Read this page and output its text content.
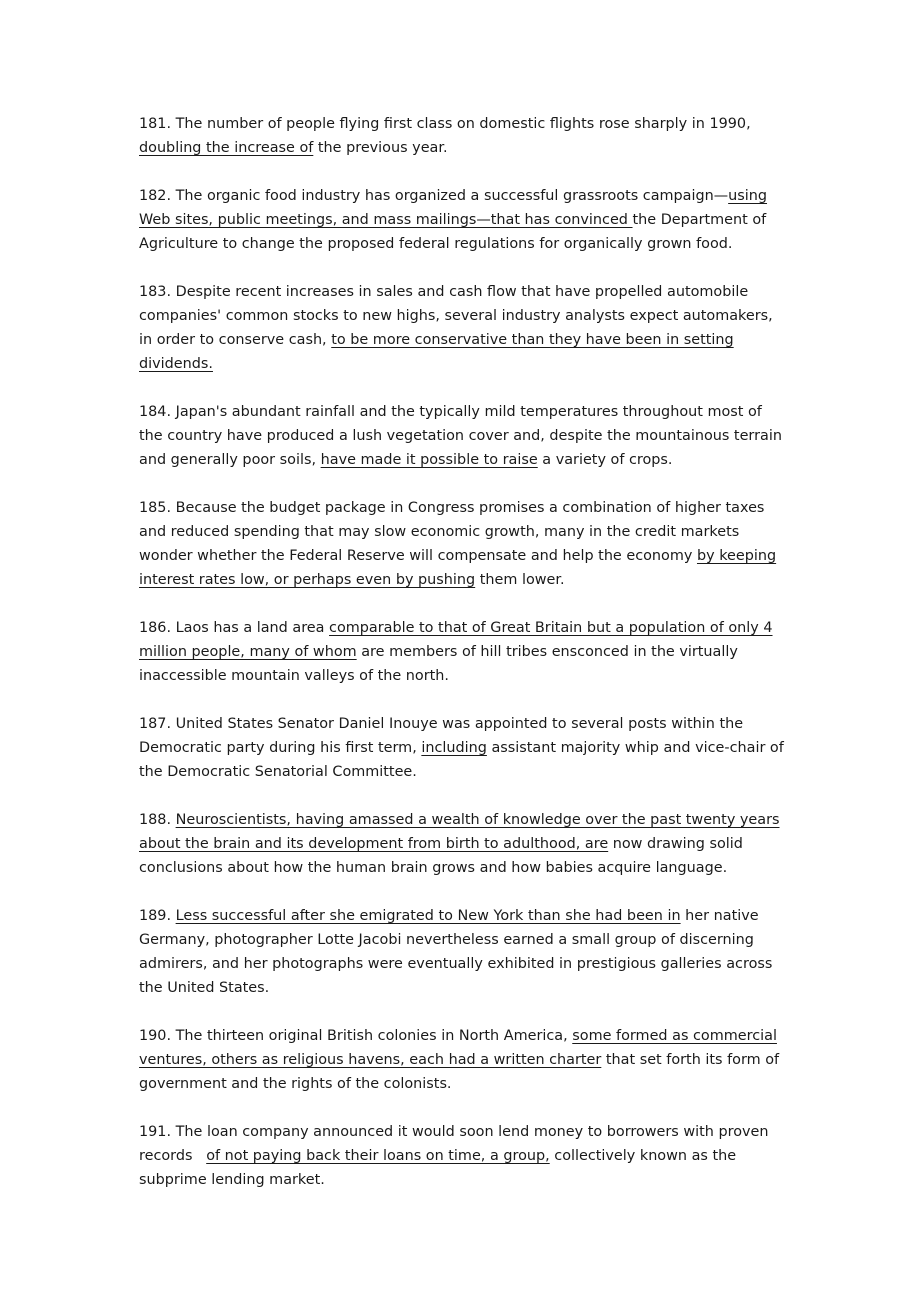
181. The number of people flying first class on domestic flights rose sharply in 1990, doubling the increase of the previous year.

182. The organic food industry has organized a successful grassroots campaign—using Web sites, public meetings, and mass mailings—that has convinced the Department of Agriculture to change the proposed federal regulations for organically grown food.

183. Despite recent increases in sales and cash flow that have propelled automobile companies' common stocks to new highs, several industry analysts expect automakers, in order to conserve cash, to be more conservative than they have been in setting dividends.

184. Japan's abundant rainfall and the typically mild temperatures throughout most of the country have produced a lush vegetation cover and, despite the mountainous terrain and generally poor soils, have made it possible to raise a variety of crops.

185. Because the budget package in Congress promises a combination of higher taxes and reduced spending that may slow economic growth, many in the credit markets wonder whether the Federal Reserve will compensate and help the economy by keeping interest rates low, or perhaps even by pushing them lower.

186. Laos has a land area comparable to that of Great Britain but a population of only 4 million people, many of whom are members of hill tribes ensconced in the virtually inaccessible mountain valleys of the north.

187. United States Senator Daniel Inouye was appointed to several posts within the Democratic party during his first term, including assistant majority whip and vice-chair of the Democratic Senatorial Committee.

188. Neuroscientists, having amassed a wealth of knowledge over the past twenty years about the brain and its development from birth to adulthood, are now drawing solid conclusions about how the human brain grows and how babies acquire language.

189. Less successful after she emigrated to New York than she had been in her native Germany, photographer Lotte Jacobi nevertheless earned a small group of discerning admirers, and her photographs were eventually exhibited in prestigious galleries across the United States.

190. The thirteen original British colonies in North America, some formed as commercial ventures, others as religious havens, each had a written charter that set forth its form of government and the rights of the colonists.

191. The loan company announced it would soon lend money to borrowers with proven records   of not paying back their loans on time, a group, collectively known as the subprime lending market.
